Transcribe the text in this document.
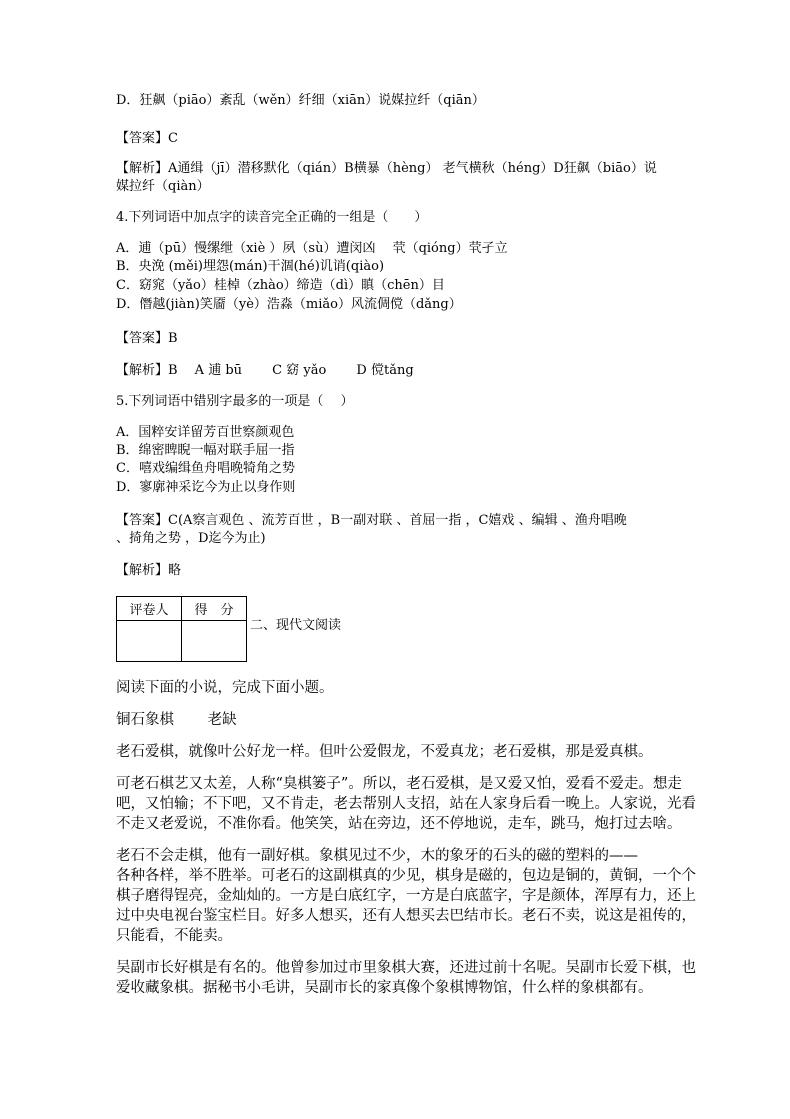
D．狂飙（piāo）紊乱（wěn）纤细（xiān）说媒拉纤（qiān）
【答案】C
【解析】A通缉（jī）潜移默化（qián）B横暴（hèng） 老气横秋（héng）D狂飙（biāo）说
媒拉纤（qiàn）
4.下列词语中加点字的读音完全正确的一组是（　　）
A．逋（pū）慢缧绁（xiè ）夙（sù）遭闵凶　 茕（qióng）茕孑立
B．央浼 (měi)埋怨(mán)干涸(hé)讥诮(qiào)
C．窈窕（yǎo）桂棹（zhào）缔造（dì）瞋（chēn）目
D．僭越(jiàn)笑靥（yè）浩淼（miǎo）风流倜傥（dǎng）
【答案】B
【解析】B　 A 逋 bū　　 C 窈 yǎo　　 D 傥tǎng
5.下列词语中错别字最多的一项是（　 ）
A．国粹安详留芳百世察颜观色
B．绵密睥睨一幅对联手屈一指
C．嘻戏编缉鱼舟唱晚犄角之势
D．寥廓神采讫今为止以身作则
【答案】C(A察言观色 、流芳百世 ，B一副对联 、首屈一指 ，C嬉戏 、编辑 、渔舟唱晚
、掎角之势 ，D迄今为止)
【解析】略
评卷人	得　分

二、现代文阅读
阅读下面的小说，完成下面小题。
铜石象棋　　 老缺
老石爱棋，就像叶公好龙一样。但叶公爱假龙，不爱真龙；老石爱棋，那是爱真棋。
可老石棋艺又太差，人称“臭棋篓子”。所以，老石爱棋，是又爱又怕，爱看不爱走。想走
吧，又怕输；不下吧，又不肯走，老去帮别人支招，站在人家身后看一晚上。人家说，光看
不走又老爱说，不准你看。他笑笑，站在旁边，还不停地说，走车，跳马，炮打过去啥。
老石不会走棋，他有一副好棋。象棋见过不少，木的象牙的石头的磁的塑料的——
各种各样，举不胜举。可老石的这副棋真的少见，棋身是磁的，包边是铜的，黄铜，一个个
棋子磨得锃亮，金灿灿的。一方是白底红字，一方是白底蓝字，字是颜体，浑厚有力，还上
过中央电视台鉴宝栏目。好多人想买，还有人想买去巴结市长。老石不卖，说这是祖传的，
只能看，不能卖。
吴副市长好棋是有名的。他曾参加过市里象棋大赛，还进过前十名呢。吴副市长爱下棋，也
爱收藏象棋。据秘书小毛讲，吴副市长的家真像个象棋博物馆，什么样的象棋都有。
